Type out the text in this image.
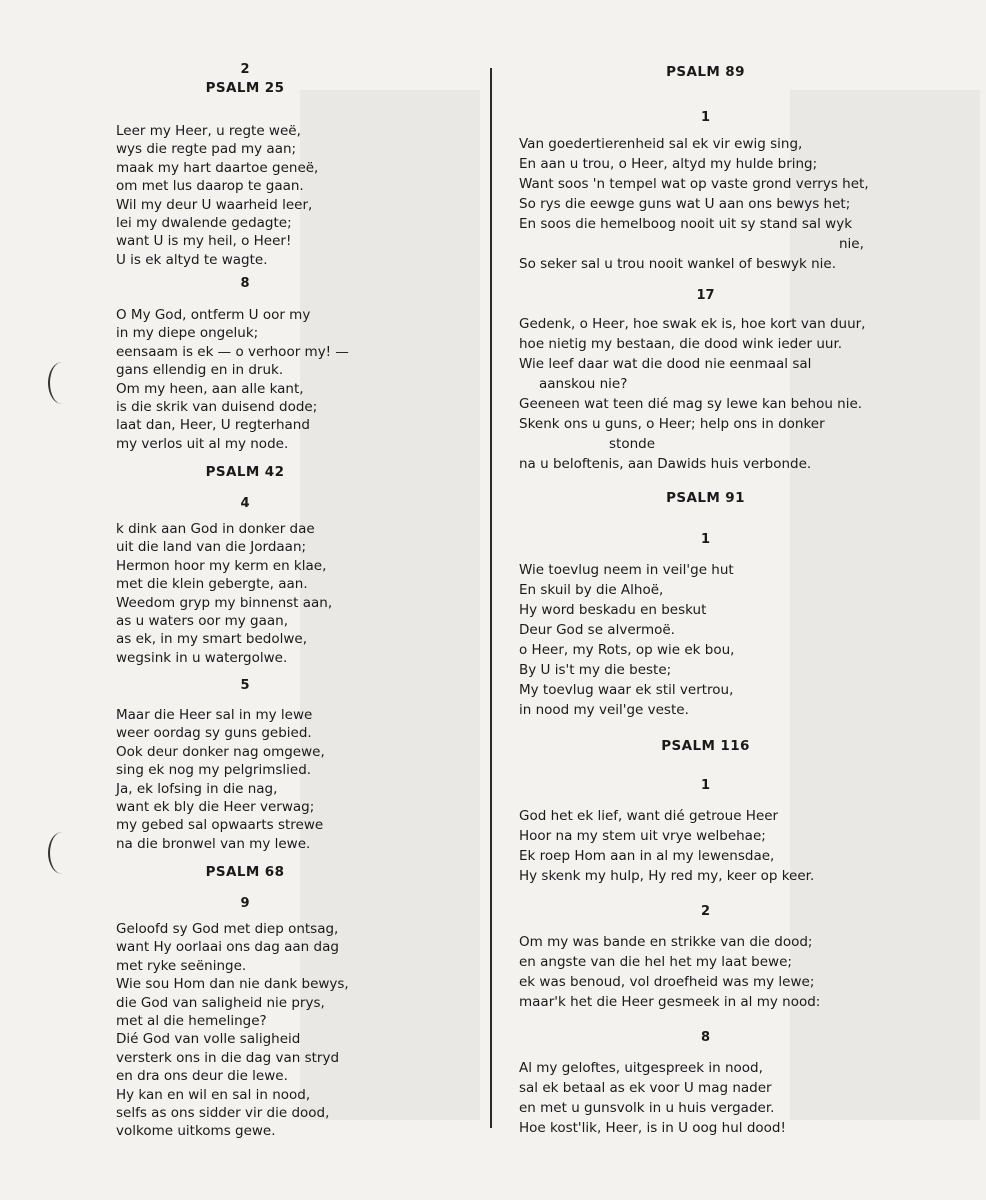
2
PSALM 25
Leer my Heer, u regte weë,
wys die regte pad my aan;
maak my hart daartoe geneë,
om met lus daarop te gaan.
Wil my deur U waarheid leer,
lei my dwalende gedagte;
want U is my heil, o Heer!
U is ek altyd te wagte.
8
O My God, ontferm U oor my
in my diepe ongeluk;
eensaam is ek — o verhoor my! —
gans ellendig en in druk.
Om my heen, aan alle kant,
is die skrik van duisend dode;
laat dan, Heer, U regterhand
my verlos uit al my node.
PSALM 42
4
k dink aan God in donker dae
uit die land van die Jordaan;
Hermon hoor my kerm en klae,
met die klein gebergte, aan.
Weedom gryp my binnenst aan,
as u waters oor my gaan,
as ek, in my smart bedolwe,
wegsink in u watergolwe.
5
Maar die Heer sal in my lewe
weer oordag sy guns gebied.
Ook deur donker nag omgewe,
sing ek nog my pelgrimslied.
Ja, ek lofsing in die nag,
want ek bly die Heer verwag;
my gebed sal opwaarts strewe
na die bronwel van my lewe.
PSALM 68
9
Geloofd sy God met diep ontsag,
want Hy oorlaai ons dag aan dag
met ryke seëninge.
Wie sou Hom dan nie dank bewys,
die God van saligheid nie prys,
met al die hemelinge?
Dié God van volle saligheid
versterk ons in die dag van stryd
en dra ons deur die lewe.
Hy kan en wil en sal in nood,
selfs as ons sidder vir die dood,
volkome uitkoms gewe.
PSALM 89
1
Van goedertierenheid sal ek vir ewig sing,
En aan u trou, o Heer, altyd my hulde bring;
Want soos 'n tempel wat op vaste grond verrys het,
So rys die eewge guns wat U aan ons bewys het;
En soos die hemelboog nooit uit sy stand sal wyk
nie,
So seker sal u trou nooit wankel of beswyk nie.
17
Gedenk, o Heer, hoe swak ek is, hoe kort van duur,
hoe nietig my bestaan, die dood wink ieder uur.
Wie leef daar wat die dood nie eenmaal sal
aanskou nie?
Geeneen wat teen dié mag sy lewe kan behou nie.
Skenk ons u guns, o Heer; help ons in donker
stonde
na u beloftenis, aan Dawids huis verbonde.
PSALM 91
1
Wie toevlug neem in veil'ge hut
En skuil by die Alhoë,
Hy word beskadu en beskut
Deur God se alvermoë.
o Heer, my Rots, op wie ek bou,
By U is't my die beste;
My toevlug waar ek stil vertrou,
in nood my veil'ge veste.
PSALM 116
1
God het ek lief, want dié getroue Heer
Hoor na my stem uit vrye welbehae;
Ek roep Hom aan in al my lewensdae,
Hy skenk my hulp, Hy red my, keer op keer.
2
Om my was bande en strikke van die dood;
en angste van die hel het my laat bewe;
ek was benoud, vol droefheid was my lewe;
maar'k het die Heer gesmeek in al my nood:
8
Al my geloftes, uitgespreek in nood,
sal ek betaal as ek voor U mag nader
en met u gunsvolk in u huis vergader.
Hoe kost'lik, Heer, is in U oog hul dood!
